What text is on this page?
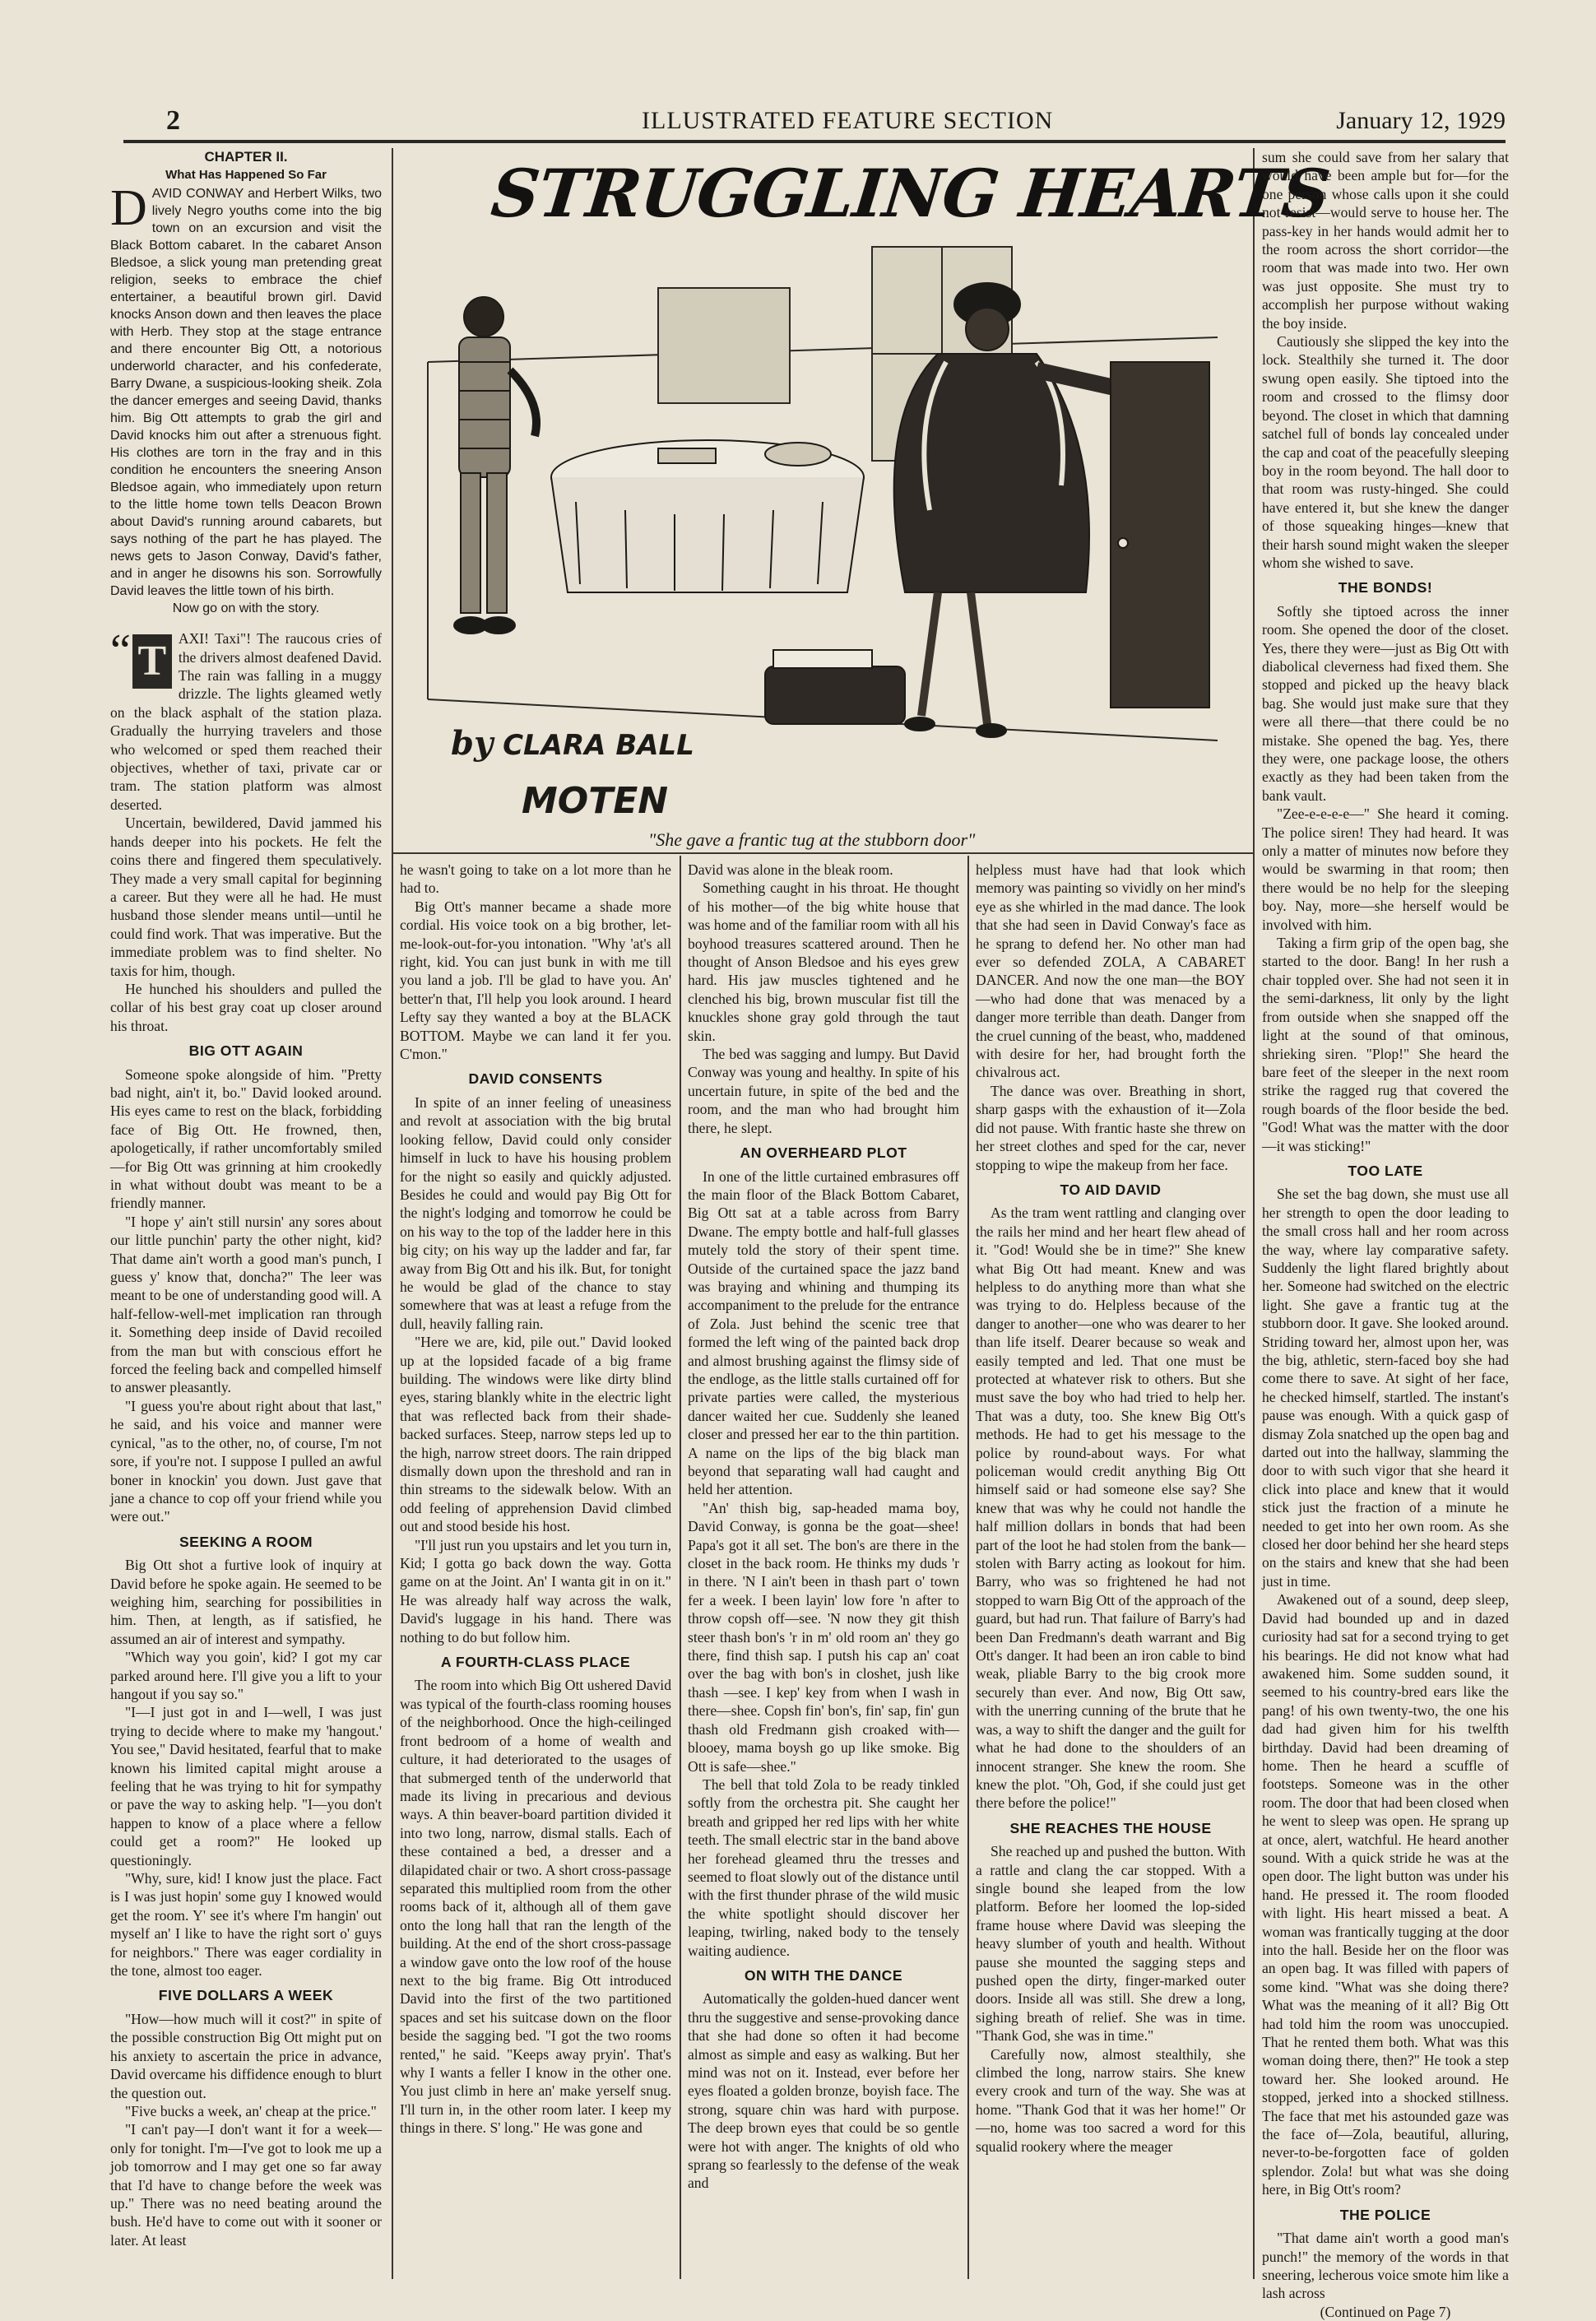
2	ILLUSTRATED FEATURE SECTION	January 12, 1929
STRUGGLING HEARTS
by CLARA BALL
MOTEN
"She gave a frantic tug at the stubborn door"
CHAPTER II.
What Has Happened So Far
DAVID CONWAY and Herbert Wilks, two lively Negro youths come into the big town on an excursion and visit the Black Bottom cabaret. In the cabaret Anson Bledsoe, a slick young man pretending great religion, seeks to embrace the chief entertainer, a beautiful brown girl. David knocks Anson down and then leaves the place with Herb. They stop at the stage entrance and there encounter Big Ott, a notorious underworld character, and his confederate, Barry Dwane, a suspicious-looking sheik. Zola the dancer emerges and seeing David, thanks him. Big Ott attempts to grab the girl and David knocks him out after a strenuous fight. His clothes are torn in the fray and in this condition he encounters the sneering Anson Bledsoe again, who immediately upon return to the little home town tells Deacon Brown about David's running around cabarets, but says nothing of the part he has played. The news gets to Jason Conway, David's father, and in anger he disowns his son. Sorrowfully David leaves the little town of his birth.

Now go on with the story.

“ T AXI! Taxi"! The raucous cries of the drivers almost deafened David. The rain was falling in a muggy drizzle. The lights gleamed wetly on the black asphalt of the station plaza. Gradually the hurrying travelers and those who welcomed or sped them reached their objectives, whether of taxi, private car or tram. The station platform was almost deserted.

Uncertain, bewildered, David jammed his hands deeper into his pockets. He felt the coins there and fingered them speculatively. They made a very small capital for beginning a career. But they were all he had. He must husband those slender means until—until he could find work. That was imperative. But the immediate problem was to find shelter. No taxis for him, though.

He hunched his shoulders and pulled the collar of his best gray coat up closer around his throat.

BIG OTT AGAIN

Someone spoke alongside of him. "Pretty bad night, ain't it, bo." David looked around. His eyes came to rest on the black, forbidding face of Big Ott. He frowned, then, apologetically, if rather uncomfortably smiled—for Big Ott was grinning at him crookedly in what without doubt was meant to be a friendly manner.

"I hope y' ain't still nursin' any sores about our little punchin' party the other night, kid? That dame ain't worth a good man's punch, I guess y' know that, doncha?" The leer was meant to be one of understanding good will. A half-fellow-well-met implication ran through it. Something deep inside of David recoiled from the man but with conscious effort he forced the feeling back and compelled himself to answer pleasantly.

"I guess you're about right about that last," he said, and his voice and manner were cynical, "as to the other, no, of course, I'm not sore, if you're not. I suppose I pulled an awful boner in knockin' you down. Just gave that jane a chance to cop off your friend while you were out."

SEEKING A ROOM

Big Ott shot a furtive look of inquiry at David before he spoke again. He seemed to be weighing him, searching for possibilities in him. Then, at length, as if satisfied, he assumed an air of interest and sympathy.

"Which way you goin', kid? I got my car parked around here. I'll give you a lift to your hangout if you say so."

"I—I just got in and I—well, I was just trying to decide where to make my 'hangout.' You see," David hesitated, fearful that to make known his limited capital might arouse a feeling that he was trying to hit for sympathy or pave the way to asking help. "I—you don't happen to know of a place where a fellow could get a room?" He looked up questioningly.

"Why, sure, kid! I know just the place. Fact is I was just hopin' some guy I knowed would get the room. Y' see it's where I'm hangin' out myself an' I like to have the right sort o' guys for neighbors." There was eager cordiality in the tone, almost too eager.

FIVE DOLLARS A WEEK

"How—how much will it cost?" in spite of the possible construction Big Ott might put on his anxiety to ascertain the price in advance, David overcame his diffidence enough to blurt the question out.

"Five bucks a week, an' cheap at the price."

"I can't pay—I don't want it for a week—only for tonight. I'm—I've got to look me up a job tomorrow and I may get one so far away that I'd have to change before the week was up." There was no need beating around the bush. He'd have to come out with it sooner or later. At least

he wasn't going to take on a lot more than he had to.

Big Ott's manner became a shade more cordial. His voice took on a big brother, let-me-look-out-for-you intonation. "Why 'at's all right, kid. You can just bunk in with me till you land a job. I'll be glad to have you. An' better'n that, I'll help you look around. I heard Lefty say they wanted a boy at the BLACK BOTTOM. Maybe we can land it fer you. C'mon."

DAVID CONSENTS

In spite of an inner feeling of uneasiness and revolt at association with the big brutal looking fellow, David could only consider himself in luck to have his housing problem for the night so easily and quickly adjusted. Besides he could and would pay Big Ott for the night's lodging and tomorrow he could be on his way to the top of the ladder here in this big city; on his way up the ladder and far, far away from Big Ott and his ilk. But, for tonight he would be glad of the chance to stay somewhere that was at least a refuge from the dull, heavily falling rain.

"Here we are, kid, pile out." David looked up at the lopsided facade of a big frame building. The windows were like dirty blind eyes, staring blankly white in the electric light that was reflected back from their shade-backed surfaces. Steep, narrow steps led up to the high, narrow street doors. The rain dripped dismally down upon the threshold and ran in thin streams to the sidewalk below. With an odd feeling of apprehension David climbed out and stood beside his host.

"I'll just run you upstairs and let you turn in, Kid; I gotta go back down the way. Gotta game on at the Joint. An' I wanta git in on it." He was already half way across the walk, David's luggage in his hand. There was nothing to do but follow him.

A FOURTH-CLASS PLACE

The room into which Big Ott ushered David was typical of the fourth-class rooming houses of the neighborhood. Once the high-ceilinged front bedroom of a home of wealth and culture, it had deteriorated to the usages of that submerged tenth of the underworld that made its living in precarious and devious ways. A thin beaver-board partition divided it into two long, narrow, dismal stalls. Each of these contained a bed, a dresser and a dilapidated chair or two. A short cross-passage separated this multiplied room from the other rooms back of it, although all of them gave onto the long hall that ran the length of the building. At the end of the short cross-passage a window gave onto the low roof of the house next to the big frame. Big Ott introduced David into the first of the two partitioned spaces and set his suitcase down on the floor beside the sagging bed. "I got the two rooms rented," he said. "Keeps away pryin'. That's why I wants a feller I know in the other one. You just climb in here an' make yerself snug. I'll turn in, in the other room later. I keep my things in there. S' long." He was gone and

David was alone in the bleak room.

Something caught in his throat. He thought of his mother—of the big white house that was home and of the familiar room with all his boyhood treasures scattered around. Then he thought of Anson Bledsoe and his eyes grew hard. His jaw muscles tightened and he clenched his big, brown muscular fist till the knuckles shone gray gold through the taut skin.

The bed was sagging and lumpy. But David Conway was young and healthy. In spite of his uncertain future, in spite of the bed and the room, and the man who had brought him there, he slept.

AN OVERHEARD PLOT

In one of the little curtained embrasures off the main floor of the Black Bottom Cabaret, Big Ott sat at a table across from Barry Dwane. The empty bottle and half-full glasses mutely told the story of their spent time. Outside of the curtained space the jazz band was braying and whining and thumping its accompaniment to the prelude for the entrance of Zola. Just behind the scenic tree that formed the left wing of the painted back drop and almost brushing against the flimsy side of the endloge, as the little stalls curtained off for private parties were called, the mysterious dancer waited her cue. Suddenly she leaned closer and pressed her ear to the thin partition. A name on the lips of the big black man beyond that separating wall had caught and held her attention.

"An' thish big, sap-headed mama boy, David Conway, is gonna be the goat—shee! Papa's got it all set. The bon's are there in the closet in the back room. He thinks my duds 'r in there. 'N I ain't been in thash part o' town fer a week. I been layin' low fore 'n after to throw copsh off—see. 'N now they git thish steer thash bon's 'r in m' old room an' they go there, find thish sap. I putsh his cap an' coat over the bag with bon's in closhet, jush like thash —see. I kep' key from when I wash in there—shee. Copsh fin' bon's, fin' sap, fin' gun thash old Fredmann gish croaked with—blooey, mama boysh go up like smoke. Big Ott is safe—shee."

The bell that told Zola to be ready tinkled softly from the orchestra pit. She caught her breath and gripped her red lips with her white teeth. The small electric star in the band above her forehead gleamed thru the tresses and seemed to float slowly out of the distance until with the first thunder phrase of the wild music the white spotlight should discover her leaping, twirling, naked body to the tensely waiting audience.

ON WITH THE DANCE

Automatically the golden-hued dancer went thru the suggestive and sense-provoking dance that she had done so often it had become almost as simple and easy as walking. But her mind was not on it. Instead, ever before her eyes floated a golden bronze, boyish face. The strong, square chin was hard with purpose. The deep brown eyes that could be so gentle were hot with anger. The knights of old who sprang so fearlessly to the defense of the weak and

helpless must have had that look which memory was painting so vividly on her mind's eye as she whirled in the mad dance. The look that she had seen in David Conway's face as he sprang to defend her. No other man had ever so defended ZOLA, A CABARET DANCER. And now the one man—the BOY—who had done that was menaced by a danger more terrible than death. Danger from the cruel cunning of the beast, who, maddened with desire for her, had brought forth the chivalrous act.

The dance was over. Breathing in short, sharp gasps with the exhaustion of it—Zola did not pause. With frantic haste she threw on her street clothes and sped for the car, never stopping to wipe the makeup from her face.

TO AID DAVID

As the tram went rattling and clanging over the rails her mind and her heart flew ahead of it. "God! Would she be in time?" She knew what Big Ott had meant. Knew and was helpless to do anything more than what she was trying to do. Helpless because of the danger to another—one who was dearer to her than life itself. Dearer because so weak and easily tempted and led. That one must be protected at whatever risk to others. But she must save the boy who had tried to help her. That was a duty, too. She knew Big Ott's methods. He had to get his message to the police by round-about ways. For what policeman would credit anything Big Ott himself said or had someone else say? She knew that was why he could not handle the half million dollars in bonds that had been part of the loot he had stolen from the bank—stolen with Barry acting as lookout for him. Barry, who was so frightened he had not stopped to warn Big Ott of the approach of the guard, but had run. That failure of Barry's had been Dan Fredmann's death warrant and Big Ott's danger. It had been an iron cable to bind weak, pliable Barry to the big crook more securely than ever. And now, Big Ott saw, with the unerring cunning of the brute that he was, a way to shift the danger and the guilt for what he had done to the shoulders of an innocent stranger. She knew the room. She knew the plot. "Oh, God, if she could just get there before the police!"

SHE REACHES THE HOUSE

She reached up and pushed the button. With a rattle and clang the car stopped. With a single bound she leaped from the low platform. Before her loomed the lop-sided frame house where David was sleeping the heavy slumber of youth and health. Without pause she mounted the sagging steps and pushed open the dirty, finger-marked outer doors. Inside all was still. She drew a long, sighing breath of relief. She was in time. "Thank God, she was in time."

Carefully now, almost stealthily, she climbed the long, narrow stairs. She knew every crook and turn of the way. She was at home. "Thank God that it was her home!" Or—no, home was too sacred a word for this squalid rookery where the meager

sum she could save from her salary that would have been ample but for—for the one person whose calls upon it she could not resist—would serve to house her. The pass-key in her hands would admit her to the room across the short corridor—the room that was made into two. Her own was just opposite. She must try to accomplish her purpose without waking the boy inside.

Cautiously she slipped the key into the lock. Stealthily she turned it. The door swung open easily. She tiptoed into the room and crossed to the flimsy door beyond. The closet in which that damning satchel full of bonds lay concealed under the cap and coat of the peacefully sleeping boy in the room beyond. The hall door to that room was rusty-hinged. She could have entered it, but she knew the danger of those squeaking hinges—knew that their harsh sound might waken the sleeper whom she wished to save.

THE BONDS!

Softly she tiptoed across the inner room. She opened the door of the closet. Yes, there they were—just as Big Ott with diabolical cleverness had fixed them. She stopped and picked up the heavy black bag. She would just make sure that they were all there—that there could be no mistake. She opened the bag. Yes, there they were, one package loose, the others exactly as they had been taken from the bank vault.

"Zee-e-e-e-e—" She heard it coming. The police siren! They had heard. It was only a matter of minutes now before they would be swarming in that room; then there would be no help for the sleeping boy. Nay, more—she herself would be involved with him.

Taking a firm grip of the open bag, she started to the door. Bang! In her rush a chair toppled over. She had not seen it in the semi-darkness, lit only by the light from outside when she snapped off the light at the sound of that ominous, shrieking siren. "Plop!" She heard the bare feet of the sleeper in the next room strike the ragged rug that covered the rough boards of the floor beside the bed. "God! What was the matter with the door—it was sticking!"

TOO LATE

She set the bag down, she must use all her strength to open the door leading to the small cross hall and her room across the way, where lay comparative safety. Suddenly the light flared brightly about her. Someone had switched on the electric light. She gave a frantic tug at the stubborn door. It gave. She looked around. Striding toward her, almost upon her, was the big, athletic, stern-faced boy she had come there to save. At sight of her face, he checked himself, startled. The instant's pause was enough. With a quick gasp of dismay Zola snatched up the open bag and darted out into the hallway, slamming the door to with such vigor that she heard it click into place and knew that it would stick just the fraction of a minute he needed to get into her own room. As she closed her door behind her she heard steps on the stairs and knew that she had been just in time.

Awakened out of a sound, deep sleep, David had bounded up and in dazed curiosity had sat for a second trying to get his bearings. He did not know what had awakened him. Some sudden sound, it seemed to his country-bred ears like the pang! of his own twenty-two, the one his dad had given him for his twelfth birthday. David had been dreaming of home. Then he heard a scuffle of footsteps. Someone was in the other room. The door that had been closed when he went to sleep was open. He sprang up at once, alert, watchful. He heard another sound. With a quick stride he was at the open door. The light button was under his hand. He pressed it. The room flooded with light. His heart missed a beat. A woman was frantically tugging at the door into the hall. Beside her on the floor was an open bag. It was filled with papers of some kind. "What was she doing there? What was the meaning of it all? Big Ott had told him the room was unoccupied. That he rented them both. What was this woman doing there, then?" He took a step toward her. She looked around. He stopped, jerked into a shocked stillness. The face that met his astounded gaze was the face of—Zola, beautiful, alluring, never-to-be-forgotten face of golden splendor. Zola! but what was she doing here, in Big Ott's room?

THE POLICE

"That dame ain't worth a good man's punch!" the memory of the words in that sneering, lecherous voice smote him like a lash across

(Continued on Page 7)
